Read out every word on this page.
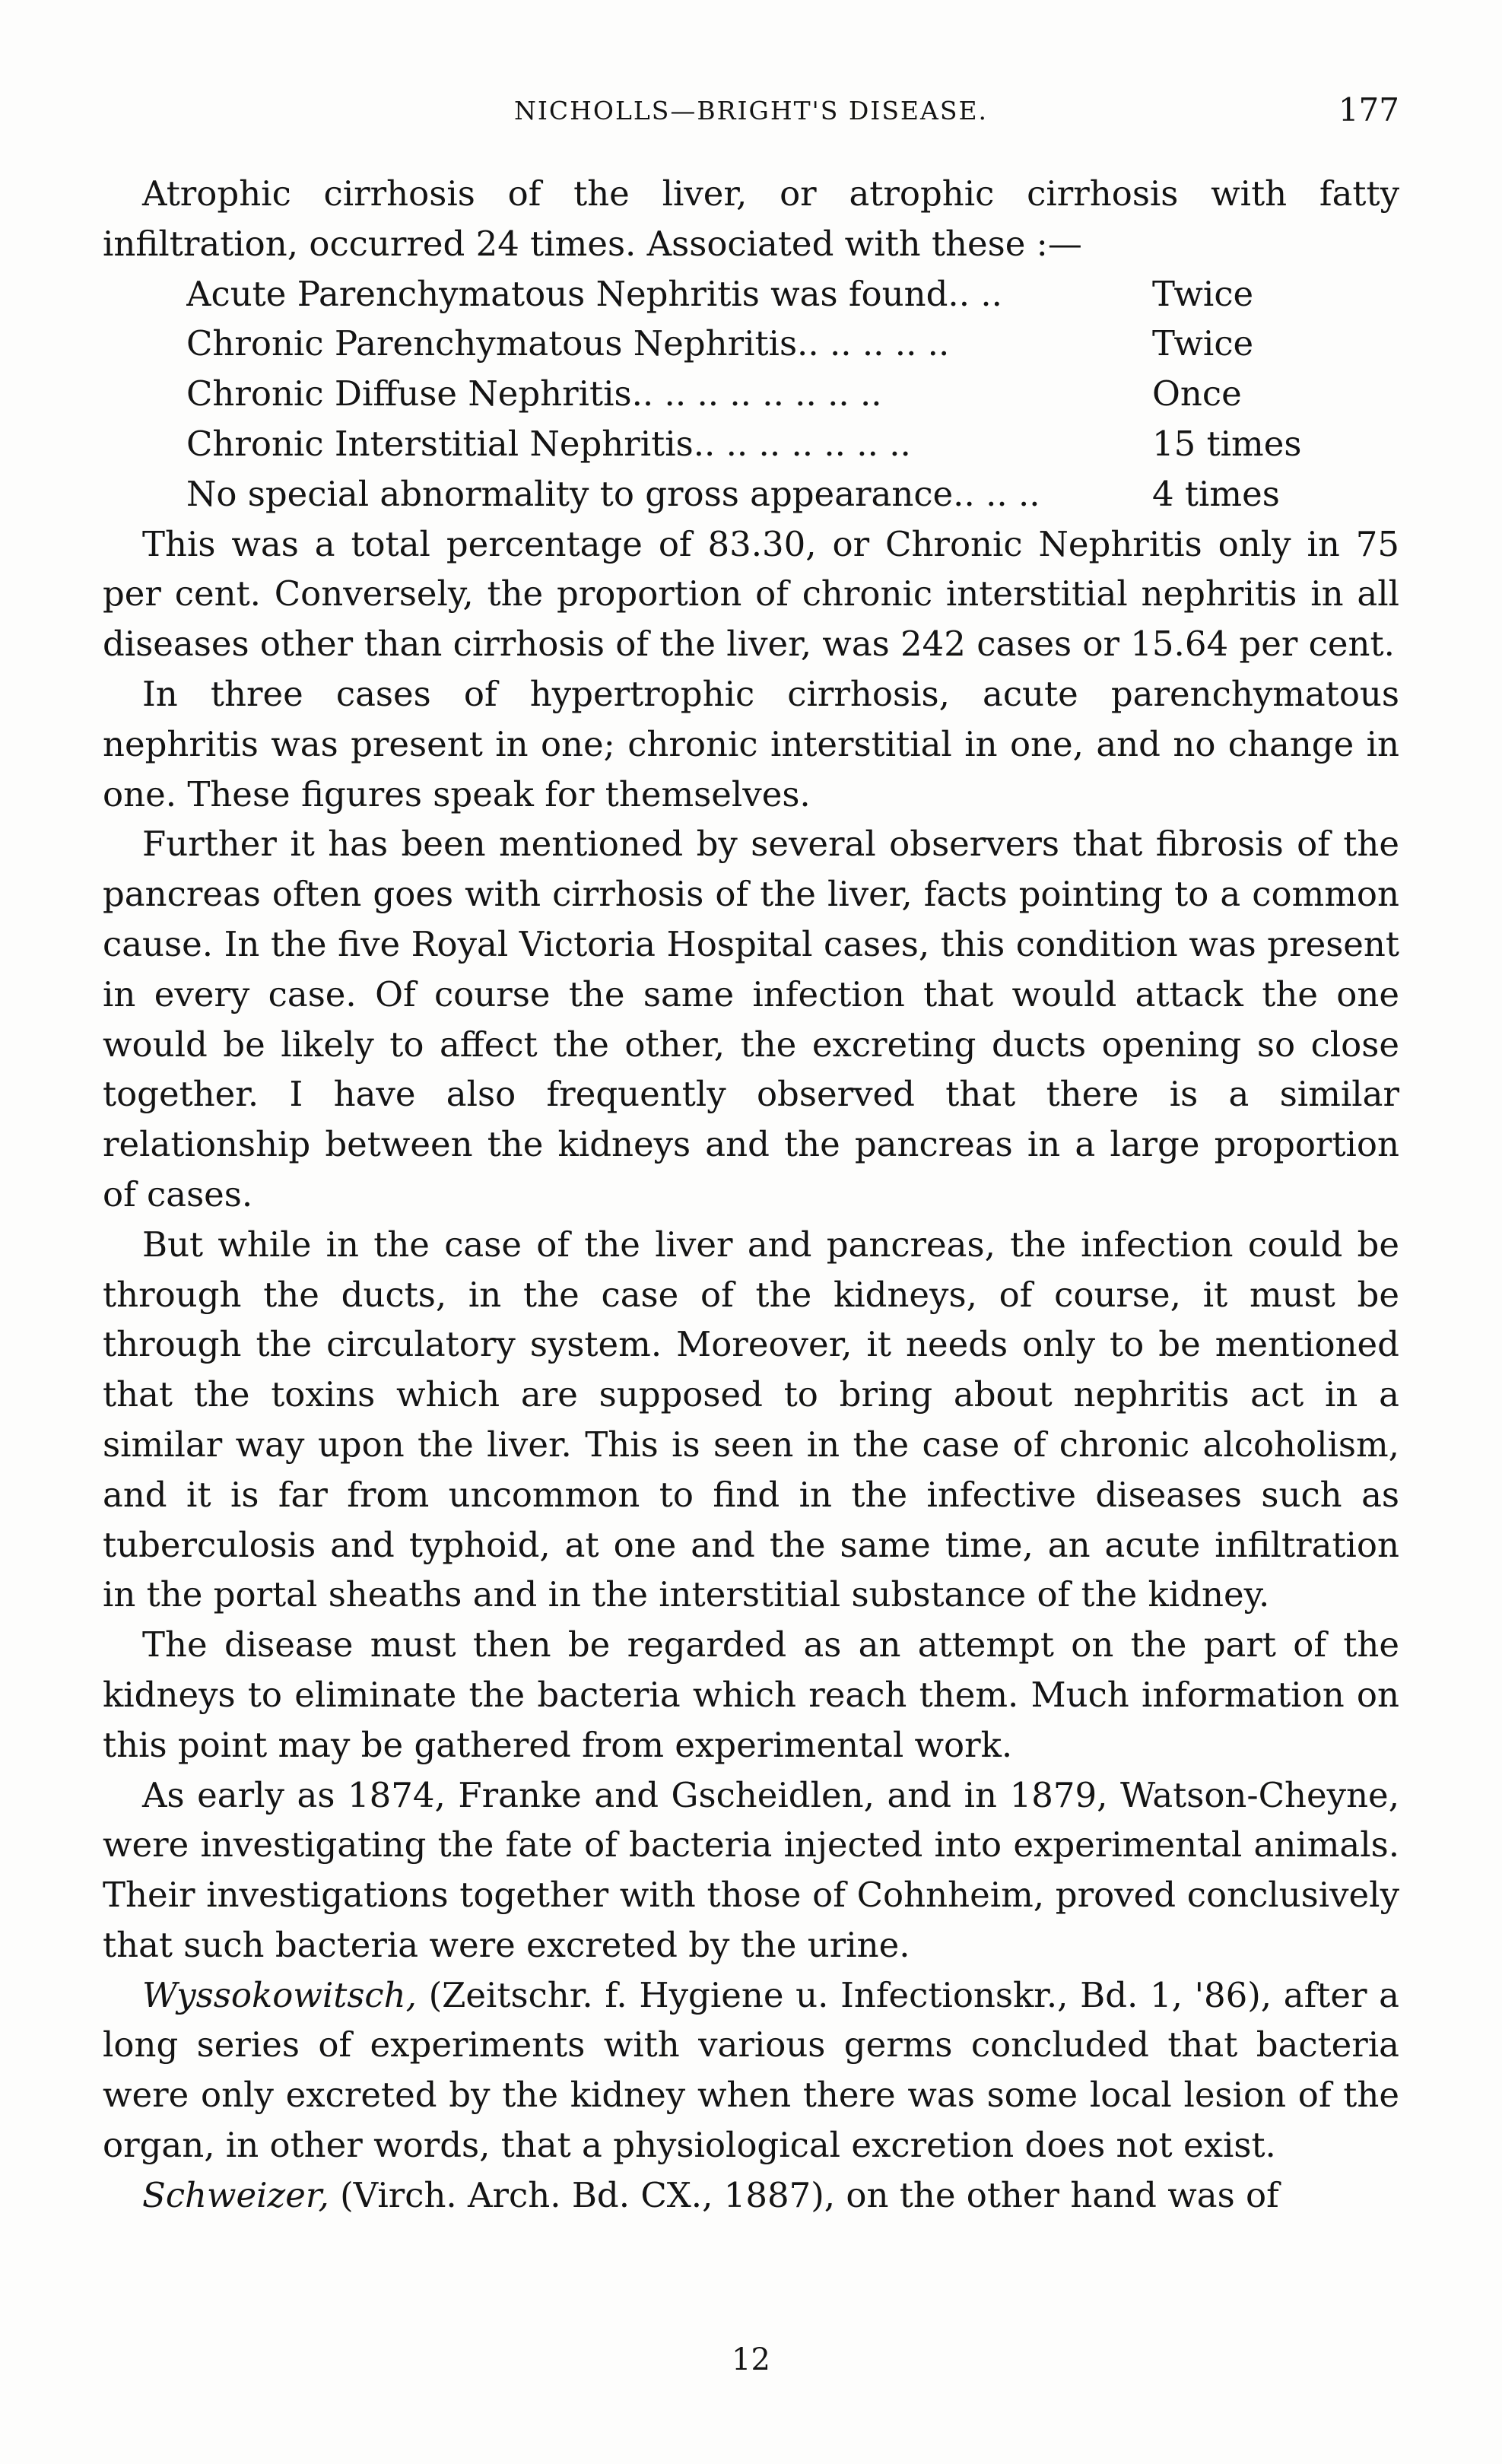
NICHOLLS—BRIGHT'S DISEASE.	177

Atrophic cirrhosis of the liver, or atrophic cirrhosis with fatty infiltration, occurred 24 times. Associated with these :—

Acute Parenchymatous Nephritis was found.. ..	Twice
Chronic Parenchymatous Nephritis.. .. .. .. ..	Twice
Chronic Diffuse Nephritis.. .. .. .. .. .. .. ..	Once
Chronic Interstitial Nephritis.. .. .. .. .. .. ..	15 times
No special abnormality to gross appearance.. .. ..	4 times

This was a total percentage of 83.30, or Chronic Nephritis only in 75 per cent. Conversely, the proportion of chronic interstitial nephritis in all diseases other than cirrhosis of the liver, was 242 cases or 15.64 per cent.

In three cases of hypertrophic cirrhosis, acute parenchymatous nephritis was present in one; chronic interstitial in one, and no change in one. These figures speak for themselves.

Further it has been mentioned by several observers that fibrosis of the pancreas often goes with cirrhosis of the liver, facts pointing to a common cause. In the five Royal Victoria Hospital cases, this condition was present in every case. Of course the same infection that would attack the one would be likely to affect the other, the excreting ducts opening so close together. I have also frequently observed that there is a similar relationship between the kidneys and the pancreas in a large proportion of cases.

But while in the case of the liver and pancreas, the infection could be through the ducts, in the case of the kidneys, of course, it must be through the circulatory system. Moreover, it needs only to be mentioned that the toxins which are supposed to bring about nephritis act in a similar way upon the liver. This is seen in the case of chronic alcoholism, and it is far from uncommon to find in the infective diseases such as tuberculosis and typhoid, at one and the same time, an acute infiltration in the portal sheaths and in the interstitial substance of the kidney.

The disease must then be regarded as an attempt on the part of the kidneys to eliminate the bacteria which reach them. Much information on this point may be gathered from experimental work.

As early as 1874, Franke and Gscheidlen, and in 1879, Watson-Cheyne, were investigating the fate of bacteria injected into experimental animals. Their investigations together with those of Cohnheim, proved conclusively that such bacteria were excreted by the urine.

Wyssokowitsch, (Zeitschr. f. Hygiene u. Infectionskr., Bd. 1, '86), after a long series of experiments with various germs concluded that bacteria were only excreted by the kidney when there was some local lesion of the organ, in other words, that a physiological excretion does not exist.

Schweizer, (Virch. Arch. Bd. CX., 1887), on the other hand was of

12
